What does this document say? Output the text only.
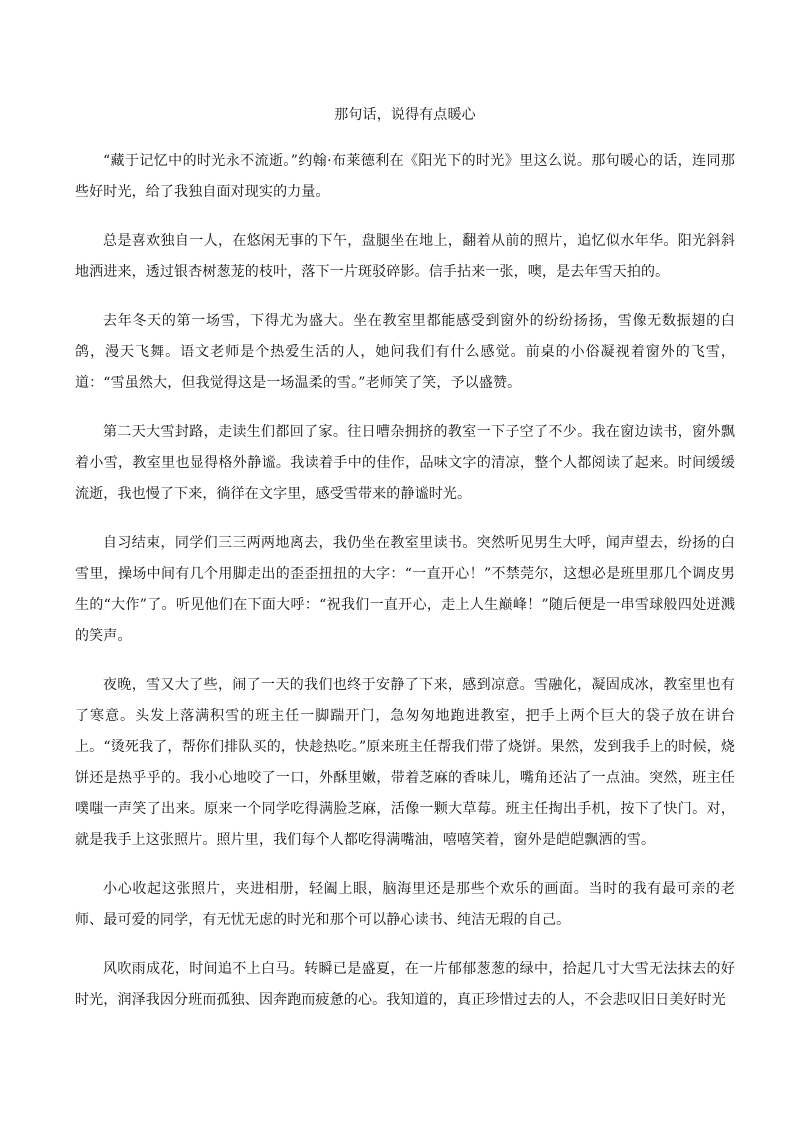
那句话，说得有点暖心

“藏于记忆中的时光永不流逝。”约翰·布莱德利在《阳光下的时光》里这么说。那句暖心的话，连同那些好时光，给了我独自面对现实的力量。

总是喜欢独自一人，在悠闲无事的下午，盘腿坐在地上，翻着从前的照片，追忆似水年华。阳光斜斜地洒进来，透过银杏树葱茏的枝叶，落下一片斑驳碎影。信手拈来一张，噢，是去年雪天拍的。

去年冬天的第一场雪，下得尤为盛大。坐在教室里都能感受到窗外的纷纷扬扬，雪像无数振翅的白鸽，漫天飞舞。语文老师是个热爱生活的人，她问我们有什么感觉。前桌的小俗凝视着窗外的飞雪，道：“雪虽然大，但我觉得这是一场温柔的雪。”老师笑了笑，予以盛赞。

第二天大雪封路，走读生们都回了家。往日嘈杂拥挤的教室一下子空了不少。我在窗边读书，窗外飘着小雪，教室里也显得格外静谧。我读着手中的佳作，品味文字的清凉，整个人都阅读了起来。时间缓缓流逝，我也慢了下来，徜徉在文字里，感受雪带来的静谧时光。

自习结束，同学们三三两两地离去，我仍坐在教室里读书。突然听见男生大呼，闻声望去，纷扬的白雪里，操场中间有几个用脚走出的歪歪扭扭的大字：“一直开心！”不禁莞尔，这想必是班里那几个调皮男生的“大作”了。听见他们在下面大呼：“祝我们一直开心，走上人生巅峰！”随后便是一串雪球般四处迸溅的笑声。

夜晚，雪又大了些，闹了一天的我们也终于安静了下来，感到凉意。雪融化，凝固成冰，教室里也有了寒意。头发上落满积雪的班主任一脚踹开门，急匆匆地跑进教室，把手上两个巨大的袋子放在讲台上。“烫死我了，帮你们排队买的，快趁热吃。”原来班主任帮我们带了烧饼。果然，发到我手上的时候，烧饼还是热乎乎的。我小心地咬了一口，外酥里嫩，带着芝麻的香味儿，嘴角还沾了一点油。突然，班主任噗嗤一声笑了出来。原来一个同学吃得满脸芝麻，活像一颗大草莓。班主任掏出手机，按下了快门。对，就是我手上这张照片。照片里，我们每个人都吃得满嘴油，嘻嘻笑着，窗外是皑皑飘洒的雪。

小心收起这张照片，夹进相册，轻阖上眼，脑海里还是那些个欢乐的画面。当时的我有最可亲的老师、最可爱的同学，有无忧无虑的时光和那个可以静心读书、纯洁无瑕的自己。

风吹雨成花，时间追不上白马。转瞬已是盛夏，在一片郁郁葱葱的绿中，拾起几寸大雪无法抹去的好时光，润泽我因分班而孤独、因奔跑而疲惫的心。我知道的，真正珍惜过去的人，不会悲叹旧日美好时光
